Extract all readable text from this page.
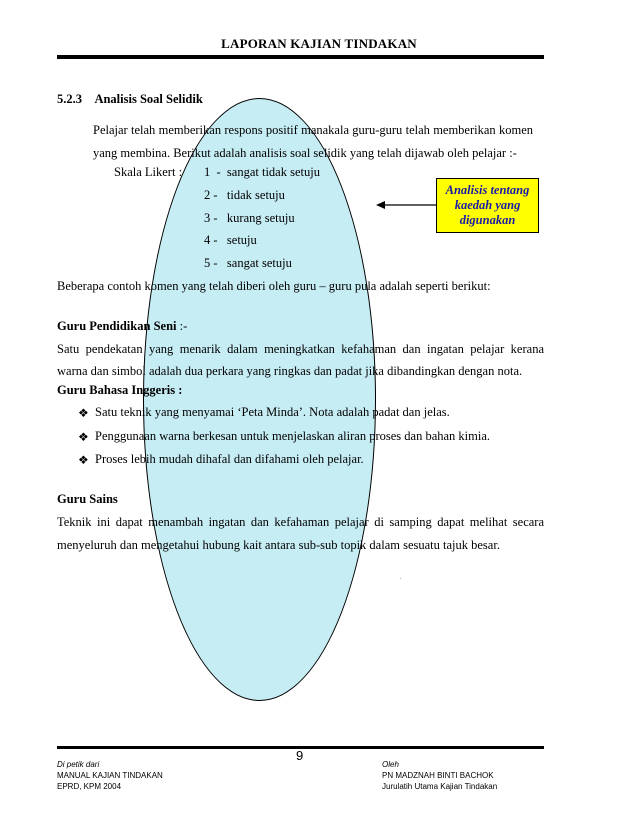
LAPORAN KAJIAN TINDAKAN
5.2.3 Analisis Soal Selidik
Pelajar telah memberikan respons positif manakala guru-guru telah memberikan komen
yang membina. Berikut adalah analisis soal selidik yang telah dijawab oleh pelajar :-
Skala Likert : 1  -  sangat tidak setuju
2 -   tidak setuju
3 -   kurang setuju
4 -   setuju
5 -   sangat setuju
Analisis tentang kaedah yang digunakan
Beberapa contoh komen yang telah diberi oleh guru – guru pula adalah seperti berikut:
Guru Pendidikan Seni :-
Satu pendekatan yang menarik dalam meningkatkan kefahaman dan ingatan pelajar kerana
warna dan simbol adalah dua perkara yang ringkas dan padat jika dibandingkan dengan nota.
Guru Bahasa Inggeris :
❖ Satu teknik yang menyamai ‘Peta Minda’. Nota adalah padat dan jelas.
❖ Penggunaan warna berkesan untuk menjelaskan aliran proses dan bahan kimia.
❖ Proses lebih mudah dihafal dan difahami oleh pelajar.
Guru Sains
Teknik ini dapat menambah ingatan dan kefahaman pelajar di samping dapat melihat secara
menyeluruh dan mengetahui hubung kait antara sub-sub topik dalam sesuatu tajuk besar.
9
Di petik dari
MANUAL KAJIAN TINDAKAN
EPRD, KPM 2004
Oleh
PN MADZNAH BINTI BACHOK
Jurulatih Utama Kajian Tindakan
